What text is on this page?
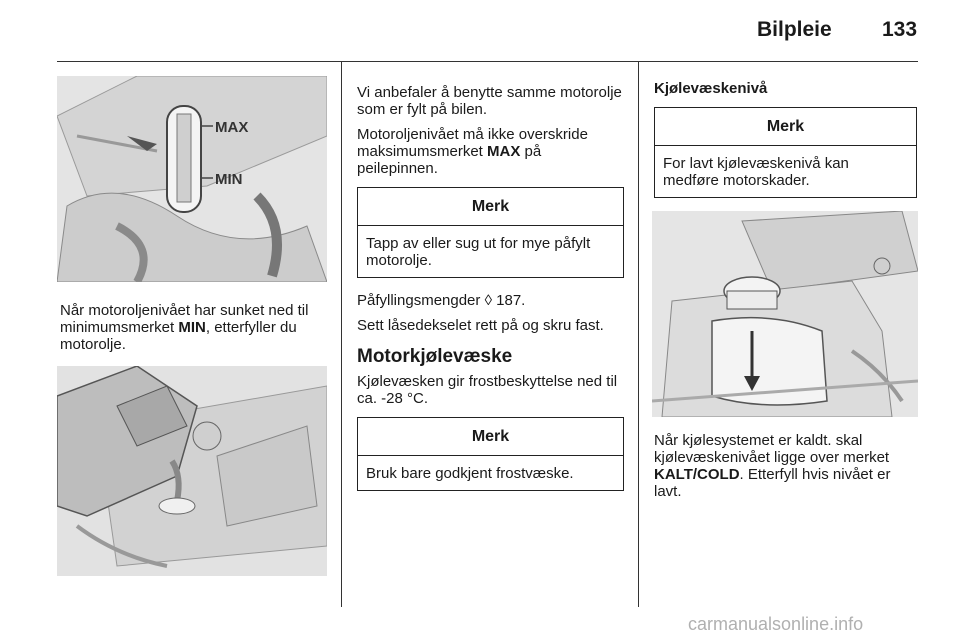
Bilpleie 133
MAX
MIN

Når motoroljenivået har sunket ned til minimumsmerket MIN, etterfyller du motorolje.

Vi anbefaler å benytte samme motorolje som er fylt på bilen.

Motoroljenivået må ikke overskride maksimumsmerket MAX på peilepinnen.

Merk
Tapp av eller sug ut for mye påfylt motorolje.

Påfyllingsmengder ◊ 187.

Sett låsedekselet rett på og skru fast.

Motorkjølevæske

Kjølevæsken gir frostbeskyttelse ned til ca. -28 °C.

Merk
Bruk bare godkjent frostvæske.
Kjølevæskenivå
Merk
For lavt kjølevæskenivå kan medføre motorskader.

Når kjølesystemet er kaldt. skal kjølevæskenivået ligge over merket KALT/COLD. Etterfyll hvis nivået er lavt.

carmanualsonline.info
